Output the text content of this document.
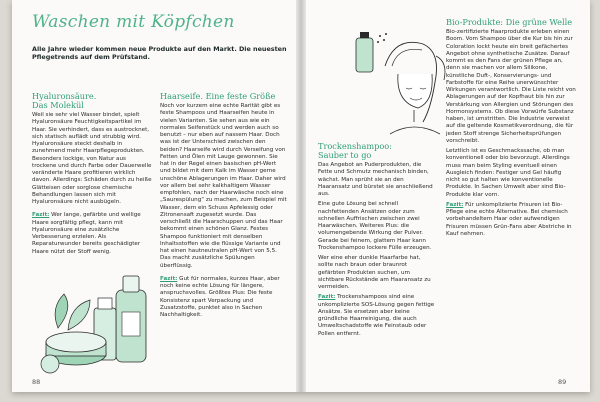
Waschen mit Köpfchen
Alle Jahre wieder kommen neue Produkte auf den Markt. Die neuesten Pflegetrends auf dem Prüfstand.
Hyaluronsäure.
Das Molekül

Weil sie sehr viel Wasser bindet, spielt Hyaluronsäure Feuchtigkeitspartikel im Haar. Sie verhindert, dass es austrocknet, sich statisch auflädt und strubbig wird. Hyaluronsäure steckt deshalb in zunehmend mehr Haarpflegeprodukten. Besonders lockige, von Natur aus trockene und durch Farbe oder Dauerwelle veränderte Haare profitieren wirklich davon. Allerdings: Schäden durch zu heiße Glätteisen oder sorglose chemische Behandlungen lassen sich mit Hyaluronsäure nicht ausbügeln.

Fazit: Wer lange, gefärbte und wellige Haare sorgfältig pflegt, kann mit Hyaluronsäure eine zusätzliche Verbesserung erzielen. Als Reparaturwunder bereits geschädigter Haare nützt der Stoff wenig.

Haarseife. Eine feste Größe

Noch vor kurzem eine echte Rarität gibt es feste Shampoos und Haarseifen heute in vielen Varianten. Sie sehen aus wie ein normales Seifenstück und werden auch so benutzt – nur eben auf nassem Haar. Doch was ist der Unterschied zwischen den beiden? Haarseife wird durch Verseifung von Fetten und Ölen mit Lauge gewonnen. Sie hat in der Regel einen basischen pH-Wert und bildet mit dem Kalk im Wasser gerne unschöne Ablagerungen im Haar. Daher wird vor allem bei sehr kalkhaltigem Wasser empfohlen, nach der Haarwäsche noch eine „Saurespülung“ zu machen, zum Beispiel mit Wasser, dem ein Schuss Apfelessig oder Zitronensaft zugesetzt wurde. Das verschließt die Haarschuppen und das Haar bekommt einen schönen Glanz. Festes Shampoo funktioniert mit denselben Inhaltsstoffen wie die flüssige Variante und hat einen hautneutralen pH-Wert von 5,5. Das macht zusätzliche Spülungen überflüssig.

Fazit: Gut für normales, kurzes Haar, aber noch keine echte Lösung für längere, anspruchsvolles. Größtes Plus: Die feste Konsistenz spart Verpackung und Zusatzstoffe, punktet also in Sachen Nachhaltigkeit.

88
Trockenshampoo:
Sauber to go

Das Angebot an Puderprodukten, die Fette und Schmutz mechanisch binden, wächst. Man sprüht sie an den Haaransatz und bürstet sie anschließend aus.

Eine gute Lösung bei schnell nachfettenden Ansätzen oder zum schnellen Auffrischen zwischen zwei Haarwäschen. Weiteres Plus: die volumengebende Wirkung der Pulver. Gerade bei feinem, glattem Haar kann Trockenshampoo lockere Fülle erzeugen.

Wer eine eher dunkle Haarfarbe hat, sollte nach braun oder braunrot gefärbten Produkten suchen, um sichtbare Rückstände am Haaransatz zu vermeiden.

Fazit: Trockenshampoos sind eine unkomplizierte SOS-Lösung gegen fettige Ansätze. Sie ersetzen aber keine gründliche Haarreinigung, die auch Umweltschadstoffe wie Feinstaub oder Pollen entfernt.

Bio-Produkte: Die grüne Welle

Bio-zertifizierte Haarprodukte erleben einen Boom. Vom Shampoo über die Kur bis hin zur Coloration lockt heute ein breit gefächertes Angebot ohne synthetische Zusätze. Darauf kommt es den Fans der grünen Pflege an, denn sie machen vor allem Silikone, künstliche Duft-, Konservierungs- und Farbstoffe für eine Reihe unerwünschter Wirkungen verantwortlich. Die Liste reicht von Ablagerungen auf der Kopfhaut bis hin zur Verstärkung von Allergien und Störungen des Hormonsystems. Ob diese Vorwürfe Substanz haben, ist umstritten. Die Industrie verweist auf die geltende Kosmetikverordnung, die für jeden Stoff strenge Sicherheitsprüfungen vorschreibt.

Letztlich ist es Geschmackssache, ob man konventionell oder bio bevorzugt. Allerdings muss man beim Styling eventuell einen Ausgleich finden: Festiger und Gel häufig nicht so gut halten wie konventionelle Produkte. In Sachen Umwelt aber sind Bio-Produkte klar vorn.

Fazit: Für unkomplizierte Frisuren ist Bio-Pflege eine echte Alternative. Bei chemisch vorbehandeltem Haar oder aufwendigen Frisuren müssen Grün-Fans aber Abstriche in Kauf nehmen.

89
